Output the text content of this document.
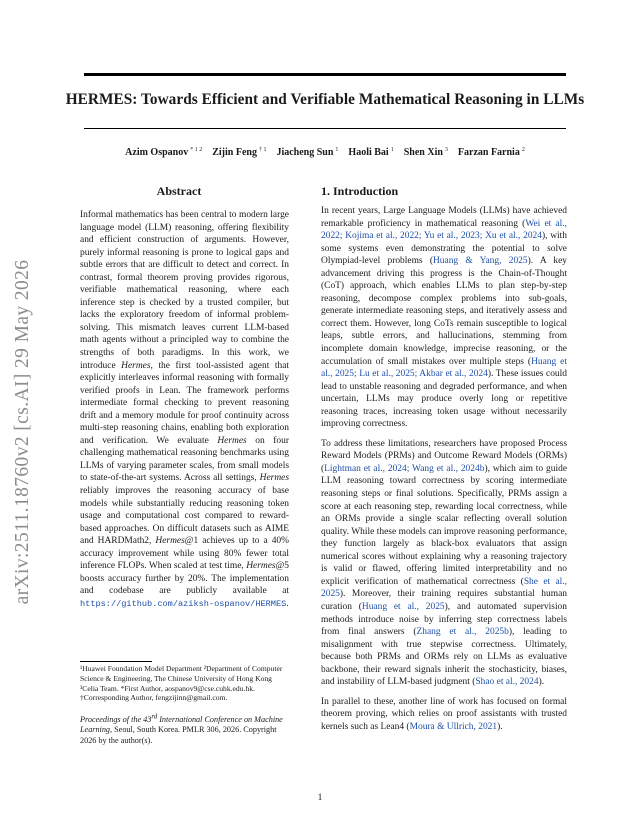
HERMES: Towards Efficient and Verifiable Mathematical Reasoning in LLMs
Azim Ospanov $^{* 1 2}$ Zijin Feng $^{\dagger 1}$ Jiacheng Sun $^1$ Haoli Bai $^1$ Shen Xin $^3$ Farzan Farnia $^2$
arXiv:2511.18760v2 [cs.AI] 29 May 2026
Abstract
Informal mathematics has been central to modern large language model (LLM) reasoning, offering flexibility and efficient construction of arguments. However, purely informal reasoning is prone to logical gaps and subtle errors that are difficult to detect and correct. In contrast, formal theorem proving provides rigorous, verifiable mathematical reasoning, where each inference step is checked by a trusted compiler, but lacks the exploratory freedom of informal problem-solving. This mismatch leaves current LLM-based math agents without a principled way to combine the strengths of both paradigms. In this work, we introduce Hermes, the first tool-assisted agent that explicitly interleaves informal reasoning with formally verified proofs in Lean. The framework performs intermediate formal checking to prevent reasoning drift and a memory module for proof continuity across multi-step reasoning chains, enabling both exploration and verification. We evaluate Hermes on four challenging mathematical reasoning benchmarks using LLMs of varying parameter scales, from small models to state-of-the-art systems. Across all settings, Hermes reliably improves the reasoning accuracy of base models while substantially reducing reasoning token usage and computational cost compared to reward-based approaches. On difficult datasets such as AIME and HARDMath2, Hermes@1 achieves up to a 40% accuracy improvement while using 80% fewer total inference FLOPs. When scaled at test time, Hermes@5 boosts accuracy further by 20%. The implementation and codebase are publicly available at https://github.com/aziksh-ospanov/HERMES.
¹Huawei Foundation Model Department ²Department of Computer Science & Engineering, The Chinese University of Hong Kong ³Celia Team. *First Author, aospanov9@cse.cuhk.edu.hk. †Corresponding Author, fengzijinn@gmail.com.
Proceedings of the 43rd International Conference on Machine Learning, Seoul, South Korea. PMLR 306, 2026. Copyright 2026 by the author(s).
1. Introduction

In recent years, Large Language Models (LLMs) have achieved remarkable proficiency in mathematical reasoning (Wei et al., 2022; Kojima et al., 2022; Yu et al., 2023; Xu et al., 2024), with some systems even demonstrating the potential to solve Olympiad-level problems (Huang & Yang, 2025). A key advancement driving this progress is the Chain-of-Thought (CoT) approach, which enables LLMs to plan step-by-step reasoning, decompose complex problems into sub-goals, generate intermediate reasoning steps, and iteratively assess and correct them. However, long CoTs remain susceptible to logical leaps, subtle errors, and hallucinations, stemming from incomplete domain knowledge, imprecise reasoning, or the accumulation of small mistakes over multiple steps (Huang et al., 2025; Lu et al., 2025; Akbar et al., 2024). These issues could lead to unstable reasoning and degraded performance, and when uncertain, LLMs may produce overly long or repetitive reasoning traces, increasing token usage without necessarily improving correctness.

To address these limitations, researchers have proposed Process Reward Models (PRMs) and Outcome Reward Models (ORMs)(Lightman et al., 2024; Wang et al., 2024b), which aim to guide LLM reasoning toward correctness by scoring intermediate reasoning steps or final solutions. Specifically, PRMs assign a score at each reasoning step, rewarding local correctness, while an ORMs provide a single scalar reflecting overall solution quality. While these models can improve reasoning performance, they function largely as black-box evaluators that assign numerical scores without explaining why a reasoning trajectory is valid or flawed, offering limited interpretability and no explicit verification of mathematical correctness (She et al., 2025). Moreover, their training requires substantial human curation (Huang et al., 2025), and automated supervision methods introduce noise by inferring step correctness labels from final answers (Zhang et al., 2025b), leading to misalignment with true stepwise correctness. Ultimately, because both PRMs and ORMs rely on LLMs as evaluative backbone, their reward signals inherit the stochasticity, biases, and instability of LLM-based judgment (Shao et al., 2024).

In parallel to these, another line of work has focused on formal theorem proving, which relies on proof assistants with trusted kernels such as Lean4 (Moura & Ullrich, 2021).

1
